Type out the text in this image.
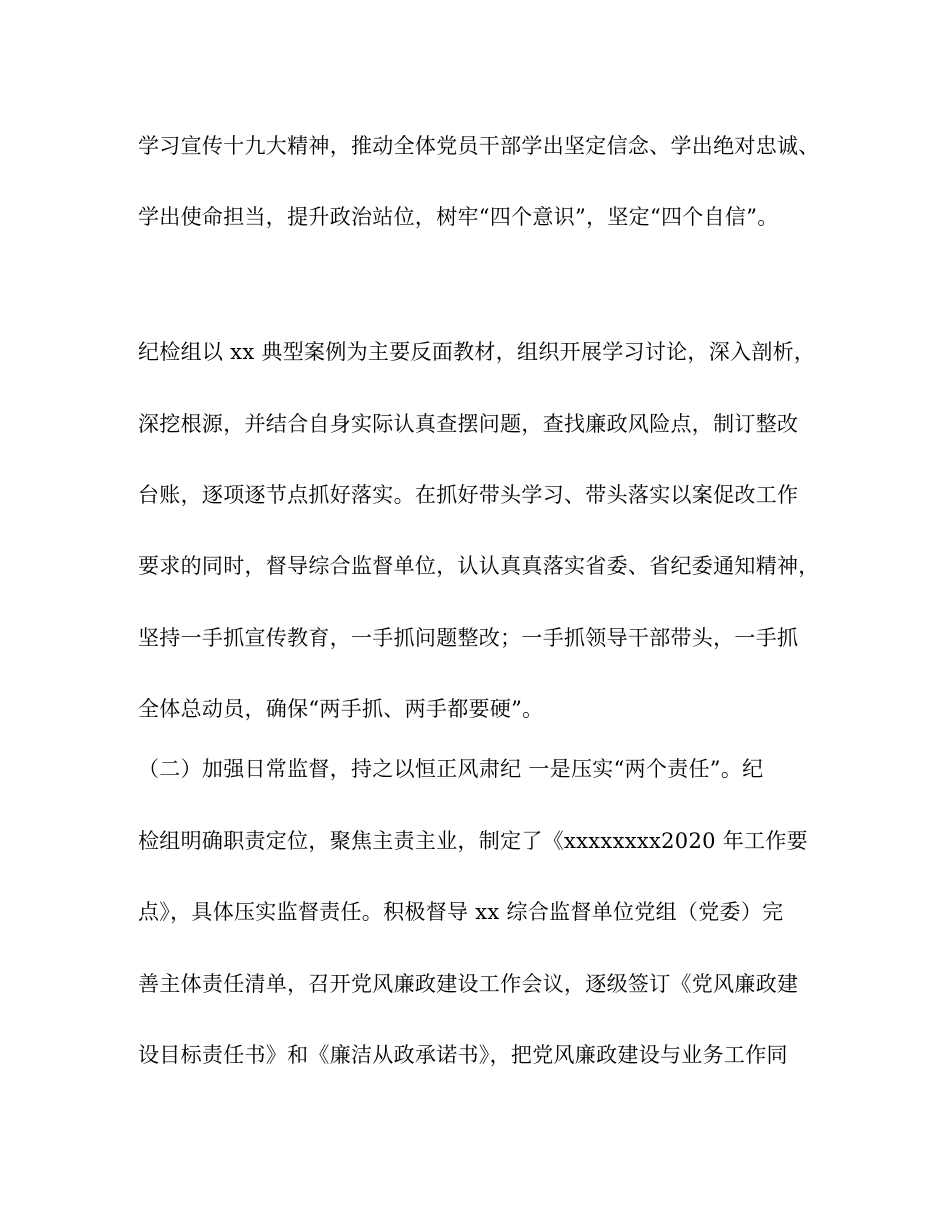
学习宣传十九大精神，推动全体党员干部学出坚定信念、学出绝对忠诚、

学出使命担当，提升政治站位，树牢“四个意识”，坚定“四个自信”。

纪检组以 xx 典型案例为主要反面教材，组织开展学习讨论，深入剖析，

深挖根源，并结合自身实际认真查摆问题，查找廉政风险点，制订整改

台账，逐项逐节点抓好落实。在抓好带头学习、带头落实以案促改工作

要求的同时，督导综合监督单位，认认真真落实省委、省纪委通知精神，

坚持一手抓宣传教育，一手抓问题整改；一手抓领导干部带头，一手抓

全体总动员，确保“两手抓、两手都要硬”。

（二）加强日常监督，持之以恒正风肃纪 一是压实“两个责任”。纪

检组明确职责定位，聚焦主责主业，制定了《xxxxxxxx2020 年工作要

点》，具体压实监督责任。积极督导 xx 综合监督单位党组（党委）完

善主体责任清单，召开党风廉政建设工作会议，逐级签订《党风廉政建

设目标责任书》和《廉洁从政承诺书》，把党风廉政建设与业务工作同
